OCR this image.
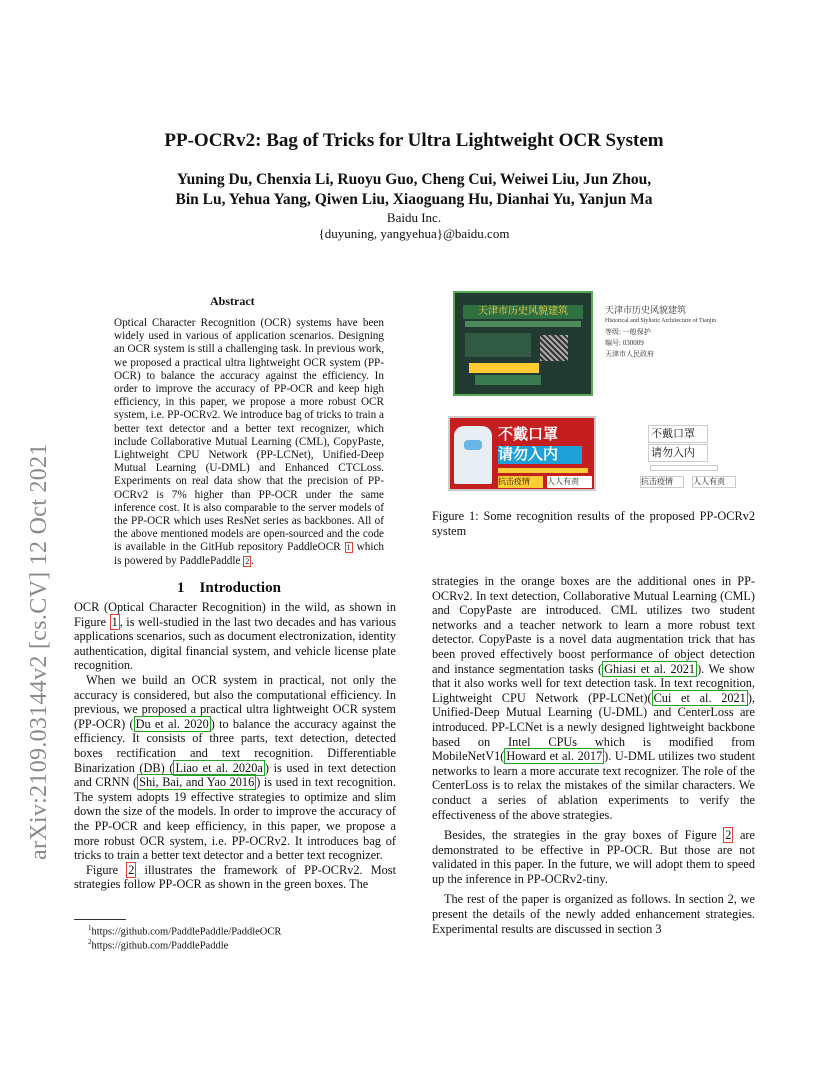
arXiv:2109.03144v2 [cs.CV] 12 Oct 2021
PP-OCRv2: Bag of Tricks for Ultra Lightweight OCR System
Yuning Du, Chenxia Li, Ruoyu Guo, Cheng Cui, Weiwei Liu, Jun Zhou,
Bin Lu, Yehua Yang, Qiwen Liu, Xiaoguang Hu, Dianhai Yu, Yanjun Ma
Baidu Inc.
{duyuning, yangyehua}@baidu.com
Abstract
Optical Character Recognition (OCR) systems have been widely used in various of application scenarios. Designing an OCR system is still a challenging task. In previous work, we proposed a practical ultra lightweight OCR system (PP-OCR) to balance the accuracy against the efficiency. In order to improve the accuracy of PP-OCR and keep high efficiency, in this paper, we propose a more robust OCR system, i.e. PP-OCRv2. We introduce bag of tricks to train a better text detector and a better text recognizer, which include Collaborative Mutual Learning (CML), CopyPaste, Lightweight CPU Network (PP-LCNet), Unified-Deep Mutual Learning (U-DML) and Enhanced CTCLoss. Experiments on real data show that the precision of PP-OCRv2 is 7% higher than PP-OCR under the same inference cost. It is also comparable to the server models of the PP-OCR which uses ResNet series as backbones. All of the above mentioned models are open-sourced and the code is available in the GitHub repository PaddleOCR $^1$ which is powered by PaddlePaddle $^2$ .
天津市历史风貌建筑	天津市历史风貌建筑
Historical and Stylistic Architecture of Tianjin
等级: 一般保护
编号: 030009
天津市人民政府
不戴口罩
请勿入内
抗击疫情	人人有责
不戴口罩
请勿入内
抗击疫情	人人有责
Figure 1: Some recognition results of the proposed PP-OCRv2 system
1    Introduction

OCR (Optical Character Recognition) in the wild, as shown in Figure 1 , is well-studied in the last two decades and has various applications scenarios, such as document electronization, identity authentication, digital financial system, and vehicle license plate recognition.

When we build an OCR system in practical, not only the accuracy is considered, but also the computational efficiency. In previous, we proposed a practical ultra lightweight OCR system (PP-OCR) ( Du et al. 2020 ) to balance the accuracy against the efficiency. It consists of three parts, text detection, detected boxes rectification and text recognition. Differentiable Binarization (DB) ( Liao et al. 2020a ) is used in text detection and CRNN ( Shi, Bai, and Yao 2016 ) is used in text recognition. The system adopts 19 effective strategies to optimize and slim down the size of the models. In order to improve the accuracy of the PP-OCR and keep efficiency, in this paper, we propose a more robust OCR system, i.e. PP-OCRv2. It introduces bag of tricks to train a better text detector and a better text recognizer.

Figure 2 illustrates the framework of PP-OCRv2. Most strategies follow PP-OCR as shown in the green boxes. The

strategies in the orange boxes are the additional ones in PP-OCRv2. In text detection, Collaborative Mutual Learning (CML) and CopyPaste are introduced. CML utilizes two student networks and a teacher network to learn a more robust text detector. CopyPaste is a novel data augmentation trick that has been proved effectively boost performance of object detection and instance segmentation tasks ( Ghiasi et al. 2021 ). We show that it also works well for text detection task. In text recognition, Lightweight CPU Network (PP-LCNet)( Cui et al. 2021 ), Unified-Deep Mutual Learning (U-DML) and CenterLoss are introduced. PP-LCNet is a newly designed lightweight backbone based on Intel CPUs which is modified from MobileNetV1( Howard et al. 2017 ). U-DML utilizes two student networks to learn a more accurate text recognizer. The role of the CenterLoss is to relax the mistakes of the similar characters. We conduct a series of ablation experiments to verify the effectiveness of the above strategies.

Besides, the strategies in the gray boxes of Figure 2 are demonstrated to be effective in PP-OCR. But those are not validated in this paper. In the future, we will adopt them to speed up the inference in PP-OCRv2-tiny.

The rest of the paper is organized as follows. In section 2, we present the details of the newly added enhancement strategies. Experimental results are discussed in section 3

$^1$https://github.com/PaddlePaddle/PaddleOCR
$^2$https://github.com/PaddlePaddle
